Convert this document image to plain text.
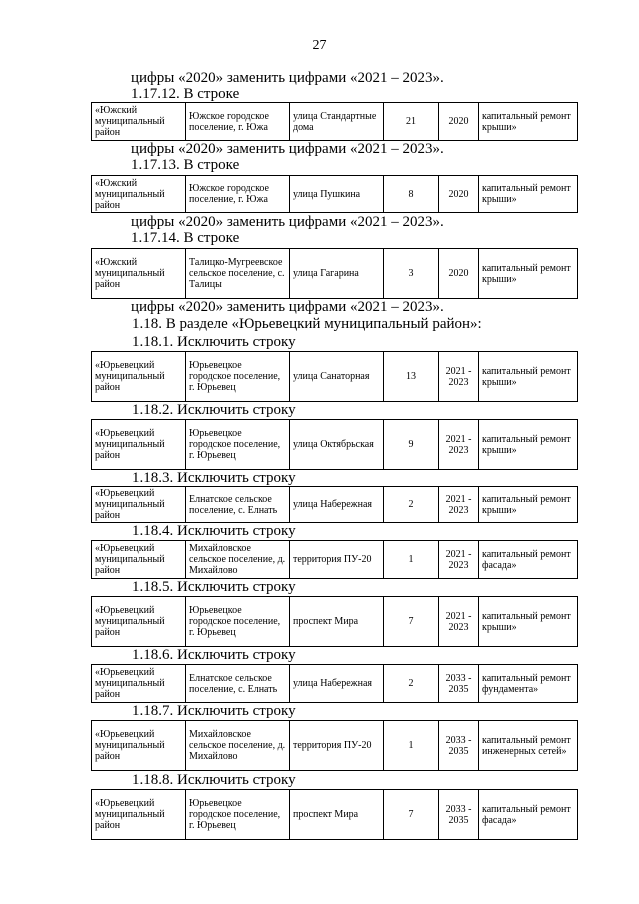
27
цифры «2020» заменить цифрами «2021 – 2023».
1.17.12. В строке
«Южский муниципальный район	Южское городское поселение, г. Южа	улица Стандартные дома	21	2020	капитальный ремонт крыши»
цифры «2020» заменить цифрами «2021 – 2023».
1.17.13. В строке
«Южский муниципальный район	Южское городское поселение, г. Южа	улица Пушкина	8	2020	капитальный ремонт крыши»
цифры «2020» заменить цифрами «2021 – 2023».
1.17.14. В строке
«Южский муниципальный район	Талицко-Мугреевское сельское поселение, с. Талицы	улица Гагарина	3	2020	капитальный ремонт крыши»
цифры «2020» заменить цифрами «2021 – 2023».
1.18. В разделе «Юрьевецкий муниципальный район»:
1.18.1. Исключить строку
«Юрьевецкий муниципальный район	Юрьевецкое городское поселение, г. Юрьевец	улица Санаторная	13	2021 - 2023	капитальный ремонт крыши»
1.18.2. Исключить строку
«Юрьевецкий муниципальный район	Юрьевецкое городское поселение, г. Юрьевец	улица Октябрьская	9	2021 - 2023	капитальный ремонт крыши»
1.18.3. Исключить строку
«Юрьевецкий муниципальный район	Елнатское сельское поселение, с. Елнать	улица Набережная	2	2021 - 2023	капитальный ремонт крыши»
1.18.4. Исключить строку
«Юрьевецкий муниципальный район	Михайловское сельское поселение, д. Михайлово	территория ПУ-20	1	2021 - 2023	капитальный ремонт фасада»
1.18.5. Исключить строку
«Юрьевецкий муниципальный район	Юрьевецкое городское поселение, г. Юрьевец	проспект Мира	7	2021 - 2023	капитальный ремонт крыши»
1.18.6. Исключить строку
«Юрьевецкий муниципальный район	Елнатское сельское поселение, с. Елнать	улица Набережная	2	2033 - 2035	капитальный ремонт фундамента»
1.18.7. Исключить строку
«Юрьевецкий муниципальный район	Михайловское сельское поселение, д. Михайлово	территория ПУ-20	1	2033 - 2035	капитальный ремонт инженерных сетей»
1.18.8. Исключить строку
«Юрьевецкий муниципальный район	Юрьевецкое городское поселение, г. Юрьевец	проспект Мира	7	2033 - 2035	капитальный ремонт фасада»
